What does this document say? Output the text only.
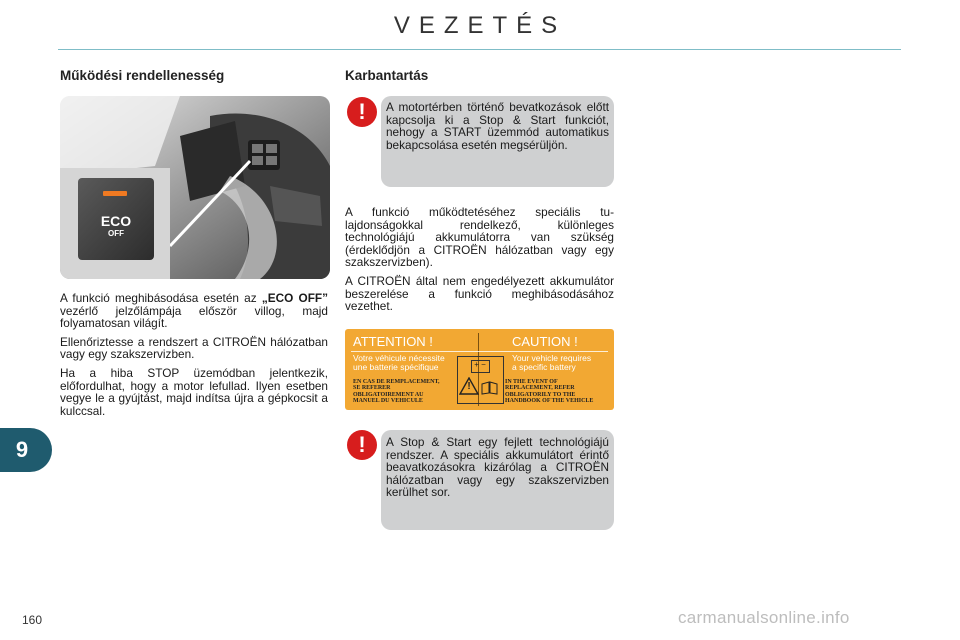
VEZETÉS
Működési rendellenesség	Karbantartás
ECO
OFF

A funkció meghibásodása esetén az „ECO OFF” vezérlő jelzőlámpája először villog, majd folyamatosan világít.

Ellenőriztesse a rendszert a CITROËN hálózatban vagy egy szakszervizben.

Ha a hiba STOP üzemódban jelentkezik, előfordulhat, hogy a motor lefullad. Ilyen esetben vegye le a gyújtást, majd indítsa újra a gépkocsit a kulccsal.

!	A motortérben történő bevatkozások előtt kapcsolja ki a Stop & Start funkciót, nehogy a START üzemmód automatikus bekapcsolása esetén megsérüljön.

A funkció működtetéséhez speciális tulajdonságokkal rendelkező, különleges technológiájú akkumulátorra van szükség (érdeklődjön a CITROËN hálózatban vagy egy szakszervizben).

A CITROËN által nem engedélyezett akkumulátor beszerelése a funkció meghibásodásához vezethet.

ATTENTION !	CAUTION !
Votre véhicule nécessite
une batterie spécifique
Your vehicle requires
a specific battery
+ −
!
EN CAS DE REMPLACEMENT,
SE REFERER
OBLIGATOIREMENT AU
MANUEL DU VEHICULE
IN THE EVENT OF
REPLACEMENT, REFER
OBLIGATORILY TO THE
HANDBOOK OF THE VEHICLE
!	A Stop & Start egy fejlett technológiájú rendszer. A speciális akkumulátort érintő beavatkozásokra kizárólag a CITROËN hálózatban vagy egy szakszervizben kerülhet sor.
9
160	carmanualsonline.info
